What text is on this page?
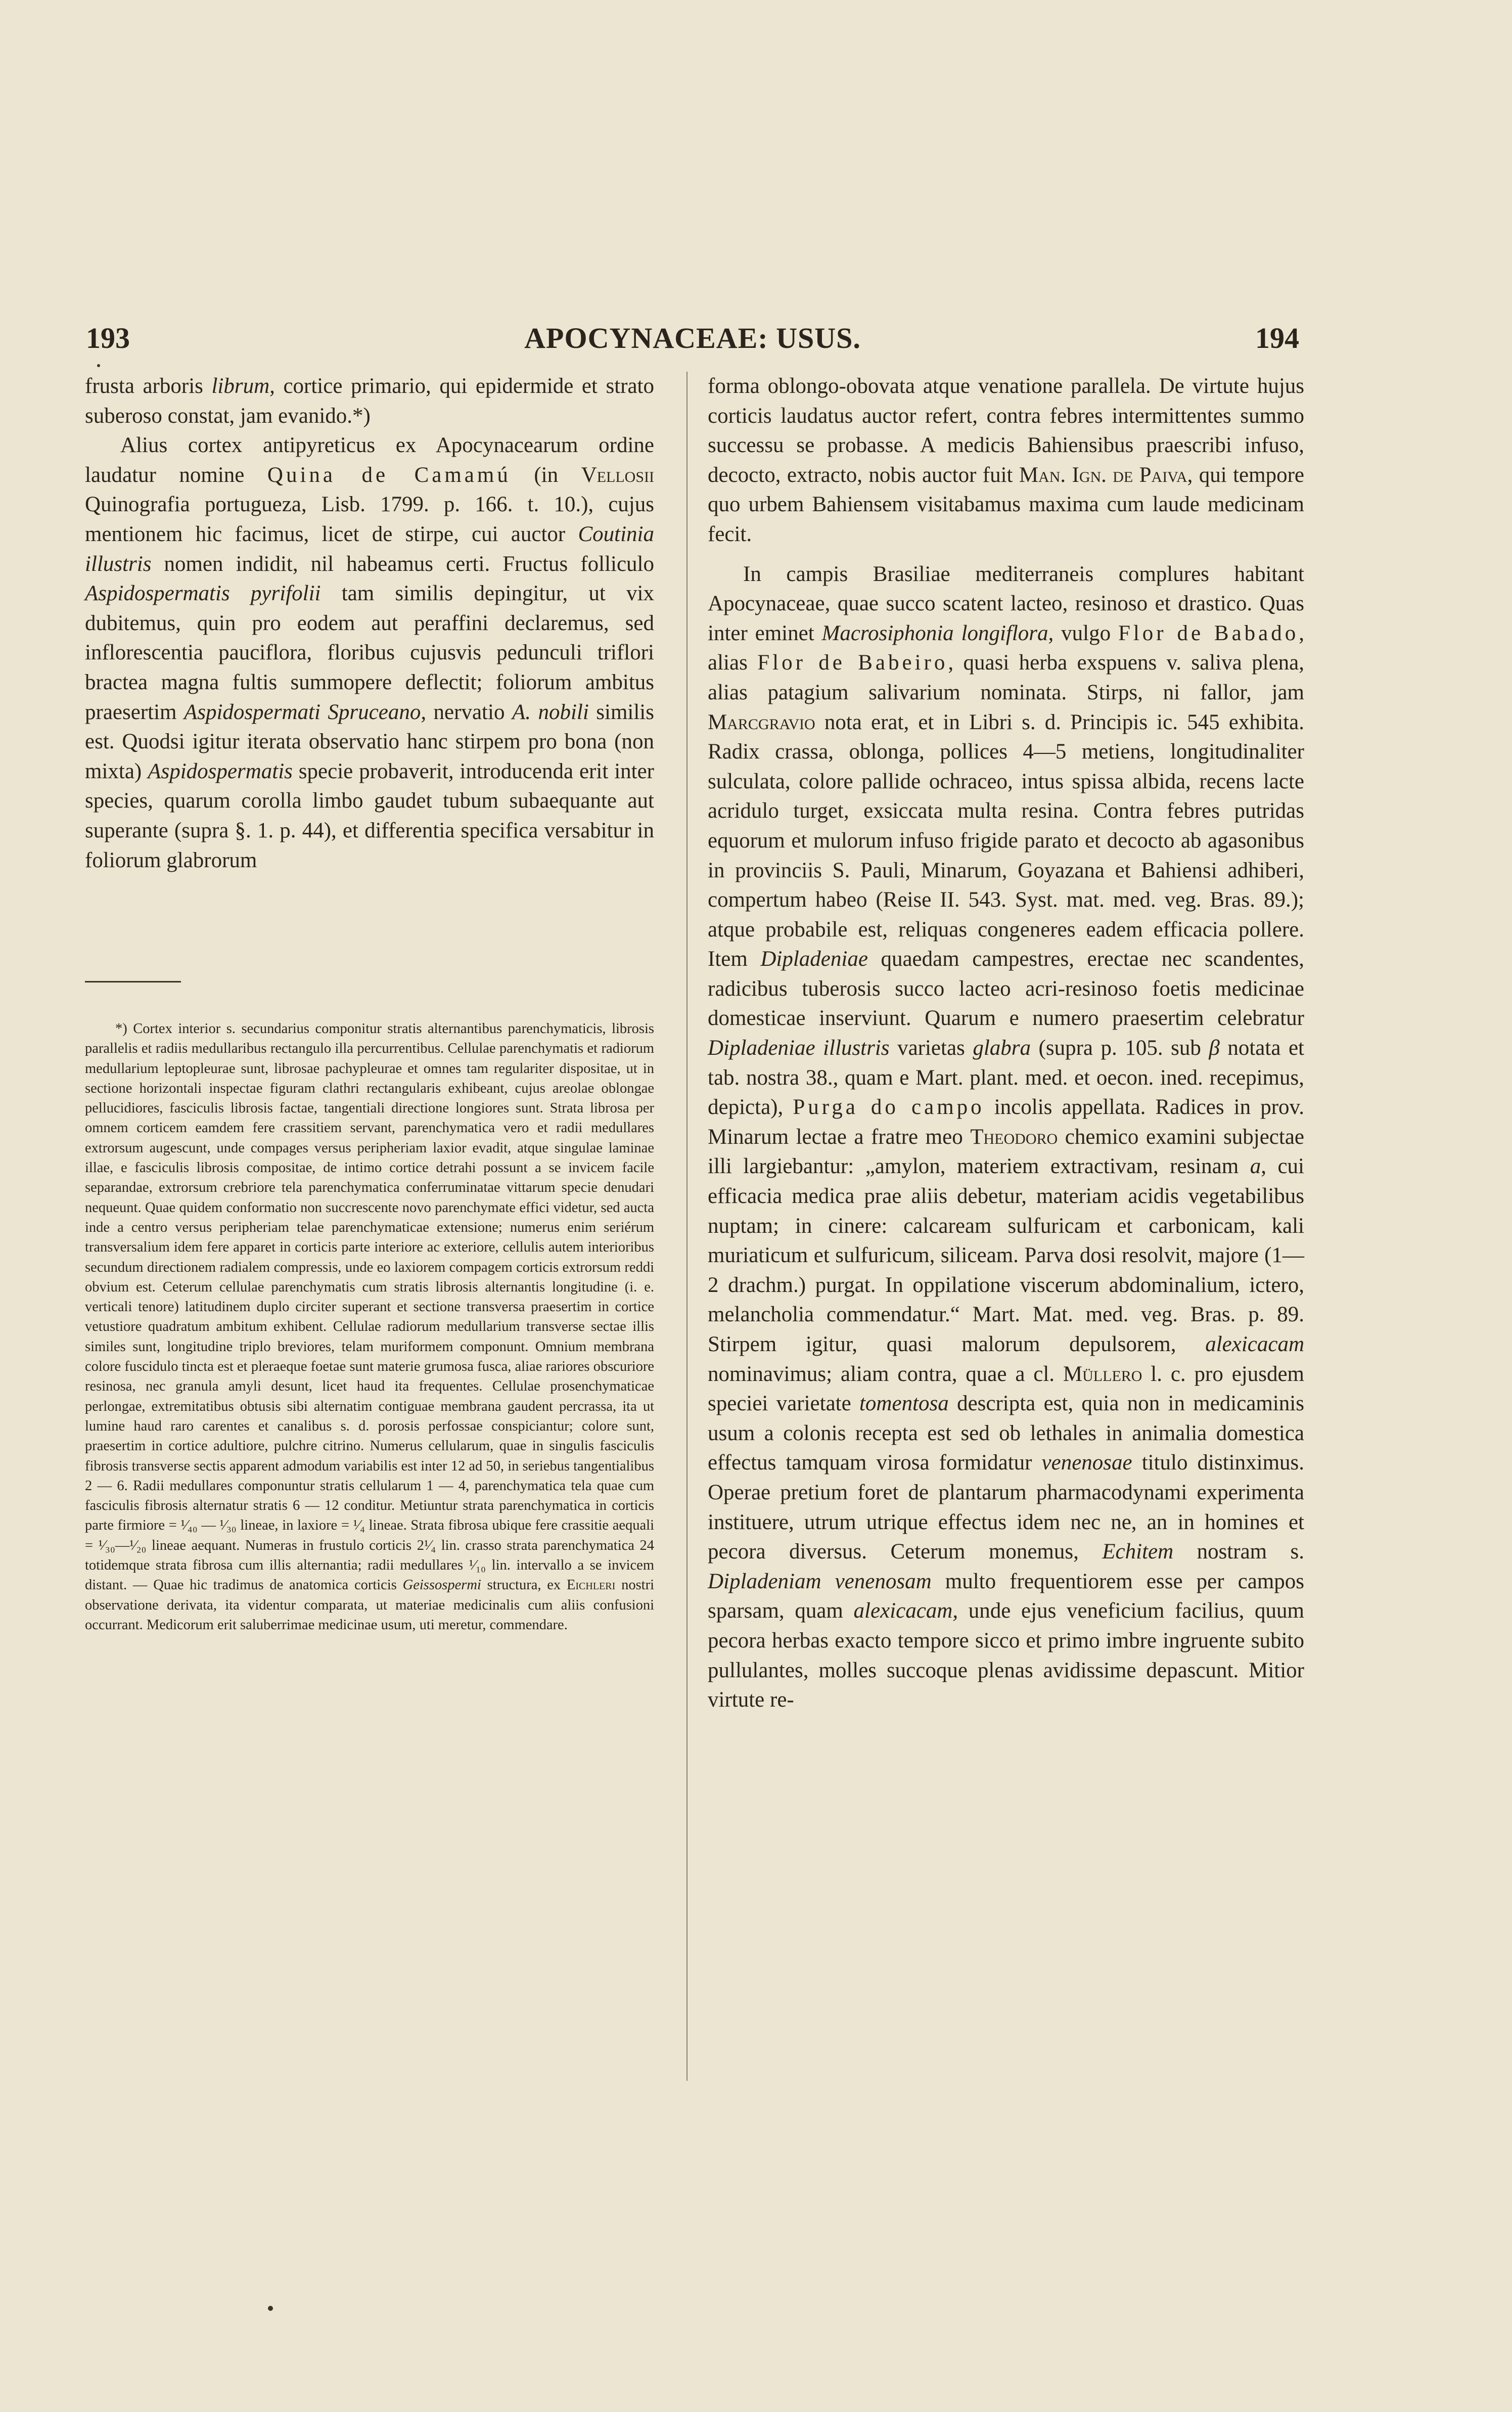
193	APOCYNACEAE: USUS.	194

frusta arboris librum, cortice primario, qui epidermide et strato suberoso constat, jam evanido.*)

Alius cortex antipyreticus ex Apocynacearum ordine laudatur nomine Quina de Camamú (in Vellosii Quinografia portugueza, Lisb. 1799. p. 166. t. 10.), cujus mentionem hic facimus, licet de stirpe, cui auctor Coutinia illustris nomen indidit, nil habeamus certi. Fructus folliculo Aspidospermatis pyrifolii tam similis depingitur, ut vix dubitemus, quin pro eodem aut peraffini declaremus, sed inflorescentia pauciflora, floribus cujusvis pedunculi triflori bractea magna fultis summopere deflectit; foliorum ambitus praesertim Aspidospermati Spruceano, nervatio A. nobili similis est. Quodsi igitur iterata observatio hanc stirpem pro bona (non mixta) Aspidospermatis specie probaverit, introducenda erit inter species, quarum corolla limbo gaudet tubum subaequante aut superante (supra §. 1. p. 44), et differentia specifica versabitur in foliorum glabrorum

*) Cortex interior s. secundarius componitur stratis alternantibus parenchymaticis, librosis parallelis et radiis medullaribus rectangulo illa percurrentibus. Cellulae parenchymatis et radiorum medullarium leptopleurae sunt, librosae pachypleurae et omnes tam regulariter dispositae, ut in sectione horizontali inspectae figuram clathri rectangularis exhibeant, cujus areolae oblongae pellucidiores, fasciculis librosis factae, tangentiali directione longiores sunt. Strata librosa per omnem corticem eamdem fere crassitiem servant, parenchymatica vero et radii medullares extrorsum augescunt, unde compages versus peripheriam laxior evadit, atque singulae laminae illae, e fasciculis librosis compositae, de intimo cortice detrahi possunt a se invicem facile separandae, extrorsum crebriore tela parenchymatica conferruminatae vittarum specie denudari nequeunt. Quae quidem conformatio non succrescente novo parenchymate effici videtur, sed aucta inde a centro versus peripheriam telae parenchymaticae extensione; numerus enim seriérum transversalium idem fere apparet in corticis parte interiore ac exteriore, cellulis autem interioribus secundum directionem radialem compressis, unde eo laxiorem compagem corticis extrorsum reddi obvium est. Ceterum cellulae parenchymatis cum stratis librosis alternantis longitudine (i. e. verticali tenore) latitudinem duplo circiter superant et sectione transversa praesertim in cortice vetustiore quadratum ambitum exhibent. Cellulae radiorum medullarium transverse sectae illis similes sunt, longitudine triplo breviores, telam muriformem componunt. Omnium membrana colore fuscidulo tincta est et pleraeque foetae sunt materie grumosa fusca, aliae rariores obscuriore resinosa, nec granula amyli desunt, licet haud ita frequentes. Cellulae prosenchymaticae perlongae, extremitatibus obtusis sibi alternatim contiguae membrana gaudent percrassa, ita ut lumine haud raro carentes et canalibus s. d. porosis perfossae conspiciantur; colore sunt, praesertim in cortice adultiore, pulchre citrino. Numerus cellularum, quae in singulis fasciculis fibrosis transverse sectis apparent admodum variabilis est inter 12 ad 50, in seriebus tangentialibus 2 — 6. Radii medullares componuntur stratis cellularum 1 — 4, parenchymatica tela quae cum fasciculis fibrosis alternatur stratis 6 — 12 conditur. Metiuntur strata parenchymatica in corticis parte firmiore = ¹⁄₄₀ — ¹⁄₃₀ lineae, in laxiore = ¹⁄₄ lineae. Strata fibrosa ubique fere crassitie aequali = ¹⁄₃₀—¹⁄₂₀ lineae aequant. Numeras in frustulo corticis 2¹⁄₄ lin. crasso strata parenchymatica 24 totidemque strata fibrosa cum illis alternantia; radii medullares ¹⁄₁₀ lin. intervallo a se invicem distant. — Quae hic tradimus de anatomica corticis Geissospermi structura, ex Eichleri nostri observatione derivata, ita videntur comparata, ut materiae medicinalis cum aliis confusioni occurrant. Medicorum erit saluberrimae medicinae usum, uti meretur, commendare.

forma oblongo-obovata atque venatione parallela. De virtute hujus corticis laudatus auctor refert, contra febres intermittentes summo successu se probasse. A medicis Bahiensibus praescribi infuso, decocto, extracto, nobis auctor fuit Man. Ign. de Paiva, qui tempore quo urbem Bahiensem visitabamus maxima cum laude medicinam fecit.

In campis Brasiliae mediterraneis complures habitant Apocynaceae, quae succo scatent lacteo, resinoso et drastico. Quas inter eminet Macrosiphonia longiflora, vulgo Flor de Babado, alias Flor de Babeiro, quasi herba exspuens v. saliva plena, alias patagium salivarium nominata. Stirps, ni fallor, jam Marcgravio nota erat, et in Libri s. d. Principis ic. 545 exhibita. Radix crassa, oblonga, pollices 4—5 metiens, longitudinaliter sulculata, colore pallide ochraceo, intus spissa albida, recens lacte acridulo turget, exsiccata multa resina. Contra febres putridas equorum et mulorum infuso frigide parato et decocto ab agasonibus in provinciis S. Pauli, Minarum, Goyazana et Bahiensi adhiberi, compertum habeo (Reise II. 543. Syst. mat. med. veg. Bras. 89.); atque probabile est, reliquas congeneres eadem efficacia pollere. Item Dipladeniae quaedam campestres, erectae nec scandentes, radicibus tuberosis succo lacteo acri-resinoso foetis medicinae domesticae inserviunt. Quarum e numero praesertim celebratur Dipladeniae illustris varietas glabra (supra p. 105. sub β notata et tab. nostra 38., quam e Mart. plant. med. et oecon. ined. recepimus, depicta), Purga do campo incolis appellata. Radices in prov. Minarum lectae a fratre meo Theodoro chemico examini subjectae illi largiebantur: „amylon, materiem extractivam, resinam a, cui efficacia medica prae aliis debetur, materiam acidis vegetabilibus nuptam; in cinere: calcaream sulfuricam et carbonicam, kali muriaticum et sulfuricum, siliceam. Parva dosi resolvit, majore (1—2 drachm.) purgat. In oppilatione viscerum abdominalium, ictero, melancholia commendatur.“ Mart. Mat. med. veg. Bras. p. 89. Stirpem igitur, quasi malorum depulsorem, alexicacam nominavimus; aliam contra, quae a cl. Müllero l. c. pro ejusdem speciei varietate tomentosa descripta est, quia non in medicaminis usum a colonis recepta est sed ob lethales in animalia domestica effectus tamquam virosa formidatur venenosae titulo distinximus. Operae pretium foret de plantarum pharmacodynami experimenta instituere, utrum utrique effectus idem nec ne, an in homines et pecora diversus. Ceterum monemus, Echitem nostram s. Dipladeniam venenosam multo frequentiorem esse per campos sparsam, quam alexicacam, unde ejus veneficium facilius, quum pecora herbas exacto tempore sicco et primo imbre ingruente subito pullulantes, molles succoque plenas avidissime depascunt. Mitior virtute re-
